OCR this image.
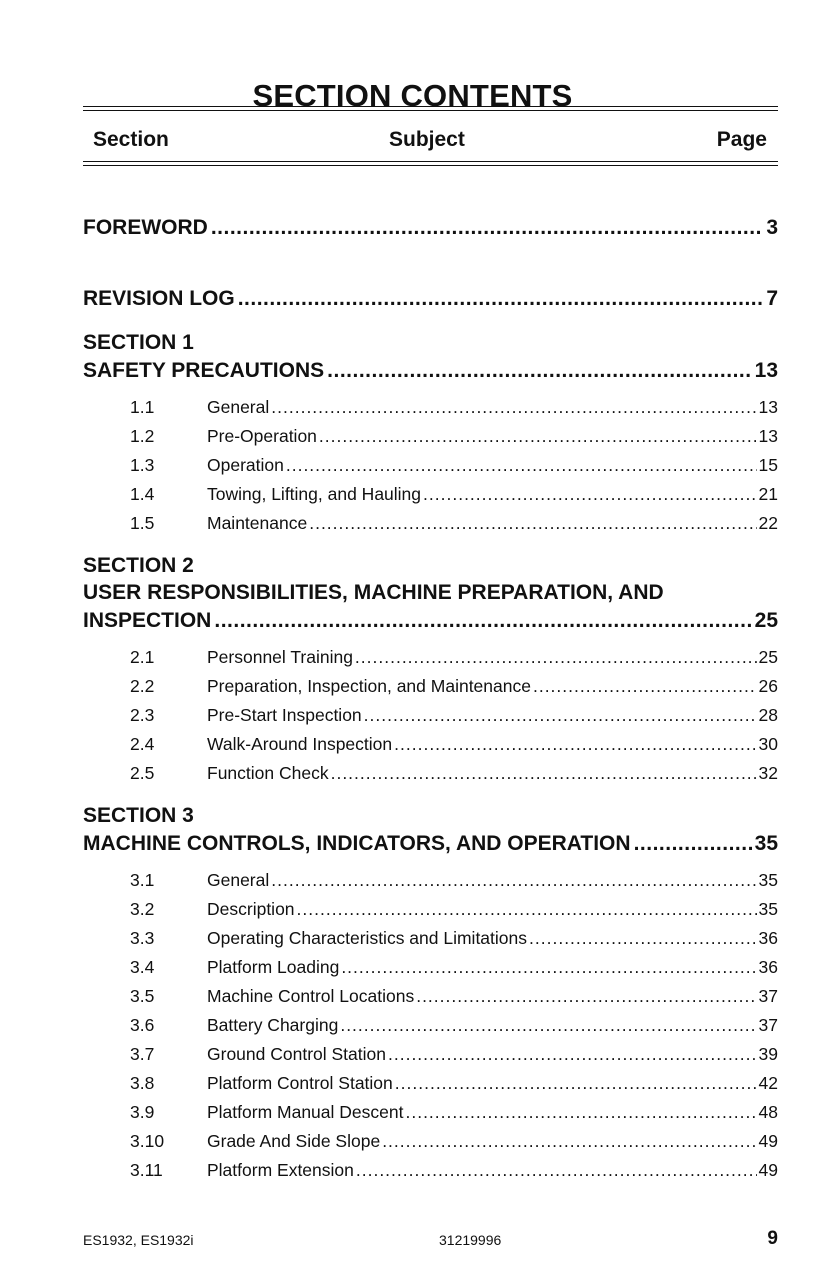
SECTION CONTENTS
Section	Subject	Page
FOREWORD .....	3
REVISION LOG .....	7
SECTION 1
SAFETY PRECAUTIONS .....	13
1.1	General .....	13
1.2	Pre-Operation .....	13
1.3	Operation .....	15
1.4	Towing, Lifting, and Hauling .....	21
1.5	Maintenance .....	22
SECTION 2
USER RESPONSIBILITIES, MACHINE PREPARATION, AND
INSPECTION .....	25
2.1	Personnel Training .....	25
2.2	Preparation, Inspection, and Maintenance .....	26
2.3	Pre-Start Inspection .....	28
2.4	Walk-Around Inspection .....	30
2.5	Function Check .....	32
SECTION 3
MACHINE CONTROLS, INDICATORS, AND OPERATION .....	35
3.1	General .....	35
3.2	Description .....	35
3.3	Operating Characteristics and Limitations .....	36
3.4	Platform Loading .....	36
3.5	Machine Control Locations .....	37
3.6	Battery Charging .....	37
3.7	Ground Control Station .....	39
3.8	Platform Control Station .....	42
3.9	Platform Manual Descent .....	48
3.10	Grade And Side Slope .....	49
3.11	Platform Extension .....	49
ES1932, ES1932i	31219996	9
